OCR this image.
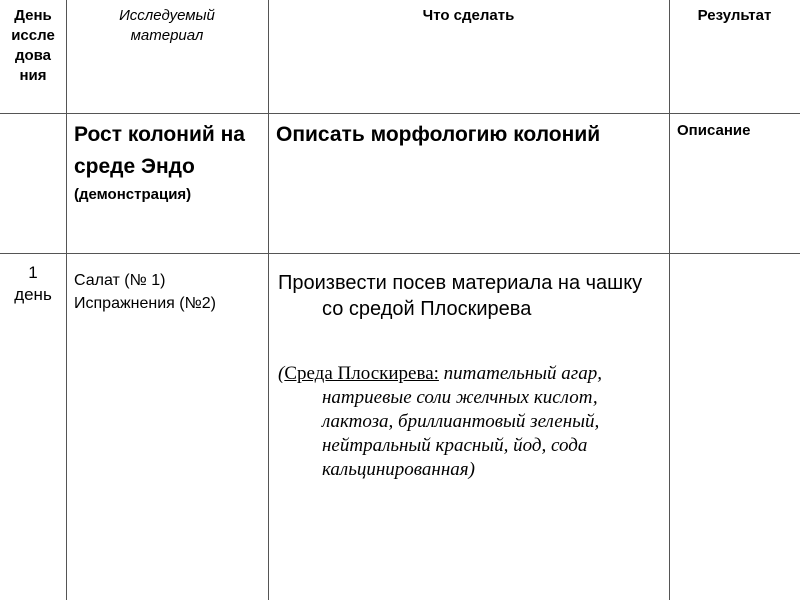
День иссле дова ния
Исследуемый материал
Что сделать	Результат
Рост колоний на среде Эндо
(демонстрация)
Описать морфологию колоний	Описание
1
день
Салат (№ 1)
Испражнения (№2)
Произвести посев материала на чашку со средой Плоскирева
(Среда Плоскирева: питательный агар, натриевые соли желчных кислот, лактоза, бриллиантовый зеленый, нейтральный красный, йод, сода кальцинированная)
